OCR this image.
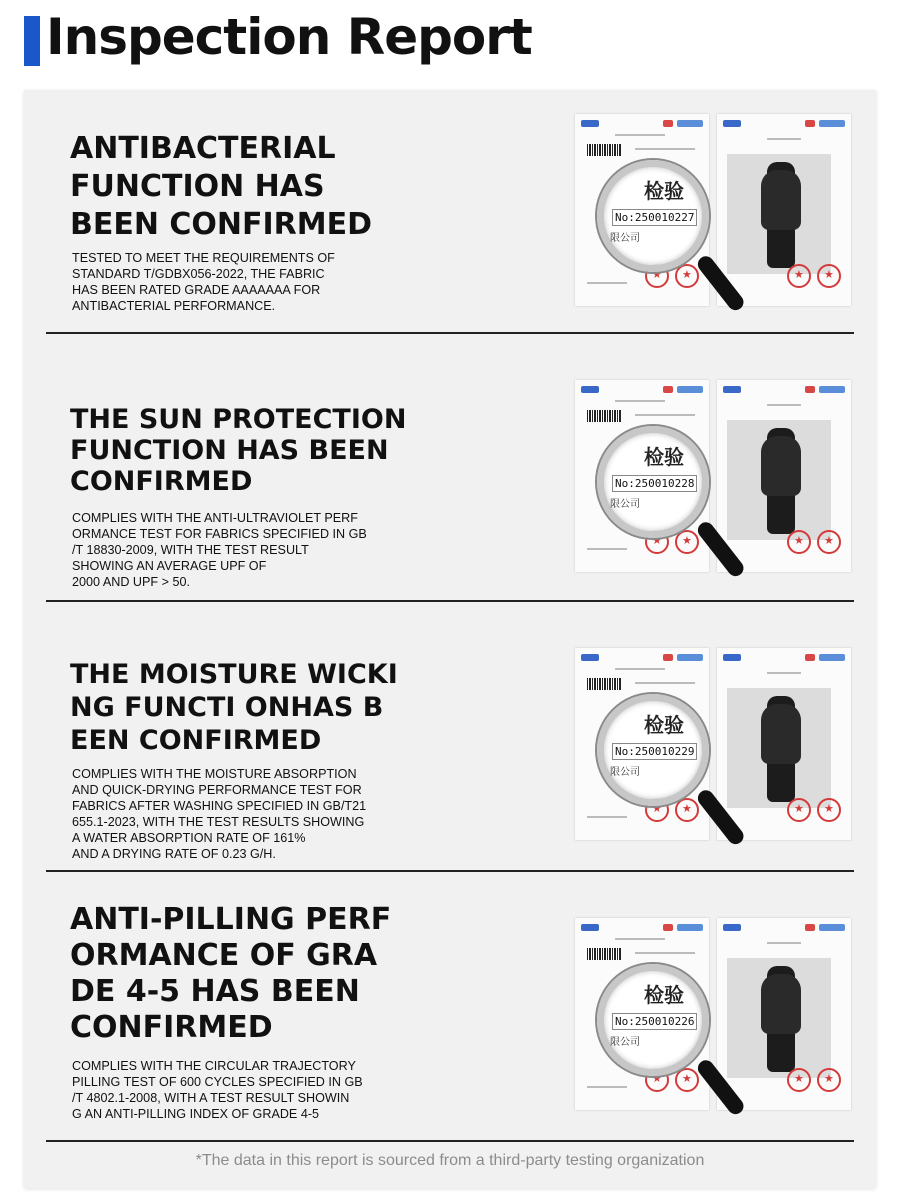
Inspection Report
ANTIBACTERIAL
FUNCTION HAS
BEEN CONFIRMED
TESTED TO MEET THE REQUIREMENTS OF
STANDARD T/GDBX056-2022, THE FABRIC
HAS BEEN RATED GRADE AAAAAAA FOR
ANTIBACTERIAL PERFORMANCE.
★
★
★
★
检验
No:250010227
限公司
THE SUN PROTECTION
FUNCTION HAS BEEN
CONFIRMED
COMPLIES WITH THE ANTI-ULTRAVIOLET PERF
ORMANCE TEST FOR FABRICS SPECIFIED IN GB
/T 18830-2009, WITH THE TEST RESULT
SHOWING AN AVERAGE UPF OF
2000 AND UPF > 50.
★
★
★
★
检验
No:250010228
限公司
THE MOISTURE WICKI
NG FUNCTI ONHAS B
EEN CONFIRMED
COMPLIES WITH THE MOISTURE ABSORPTION
AND QUICK-DRYING PERFORMANCE TEST FOR
FABRICS AFTER WASHING SPECIFIED IN GB/T21
655.1-2023, WITH THE TEST RESULTS SHOWING
A WATER ABSORPTION RATE OF 161%
AND A DRYING RATE OF 0.23 G/H.
★
★
★
★
检验
No:250010229
限公司
ANTI-PILLING PERF
ORMANCE OF GRA
DE 4-5 HAS BEEN
CONFIRMED
COMPLIES WITH THE CIRCULAR TRAJECTORY
PILLING TEST OF 600 CYCLES SPECIFIED IN GB
/T 4802.1-2008, WITH A TEST RESULT SHOWIN
G AN ANTI-PILLING INDEX OF GRADE 4-5
★
★
★
★
检验
No:250010226
限公司
*The data in this report is sourced from a third-party testing organization
